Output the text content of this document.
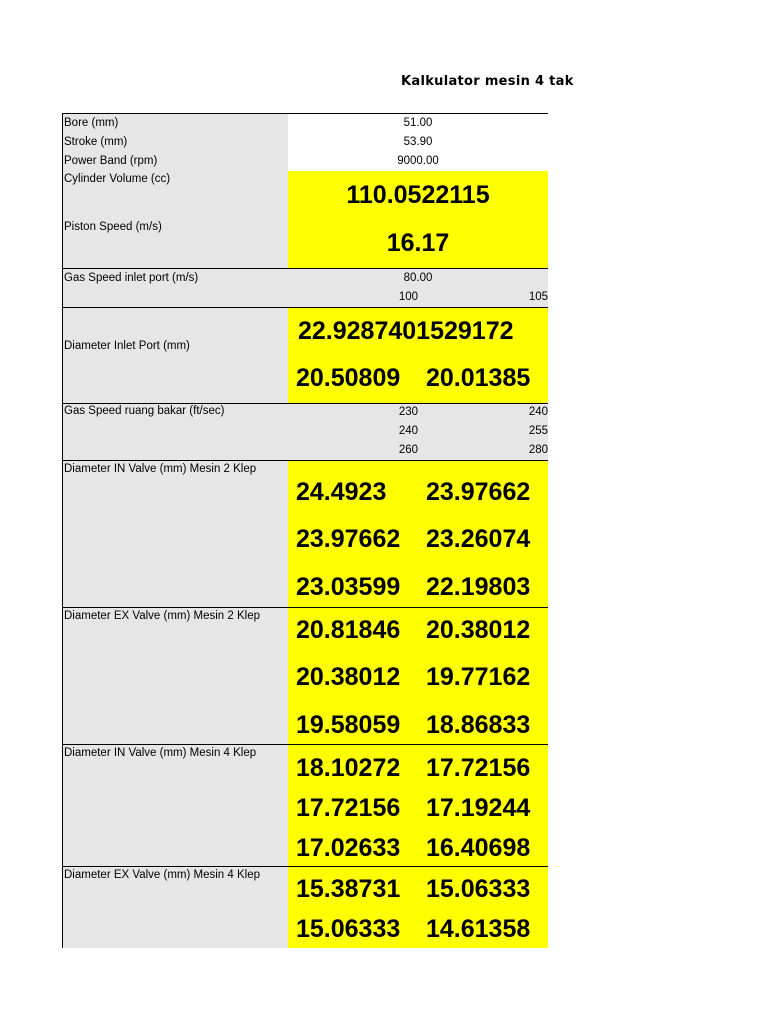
Kalkulator mesin 4 tak
Bore (mm)	51.00
Stroke (mm)	53.90
Power Band (rpm)	9000.00
Cylinder Volume (cc)
110.0522115
Piston Speed (m/s)
16.17
Gas Speed inlet port (m/s)	80.00
100	105
Diameter Inlet Port (mm)
22.9287401529172
20.50809	20.01385
Gas Speed ruang bakar (ft/sec)	230	240
240	255
260	280
Diameter IN Valve (mm) Mesin 2 Klep
24.4923	23.97662
23.97662	23.26074
23.03599	22.19803
Diameter EX Valve (mm) Mesin 2 Klep	20.81846	20.38012
20.38012	19.77162
19.58059	18.86833
Diameter IN Valve (mm) Mesin 4 Klep
18.10272	17.72156
17.72156	17.19244
17.02633	16.40698
Diameter EX Valve (mm) Mesin 4 Klep	15.38731	15.06333
15.06333	14.61358
